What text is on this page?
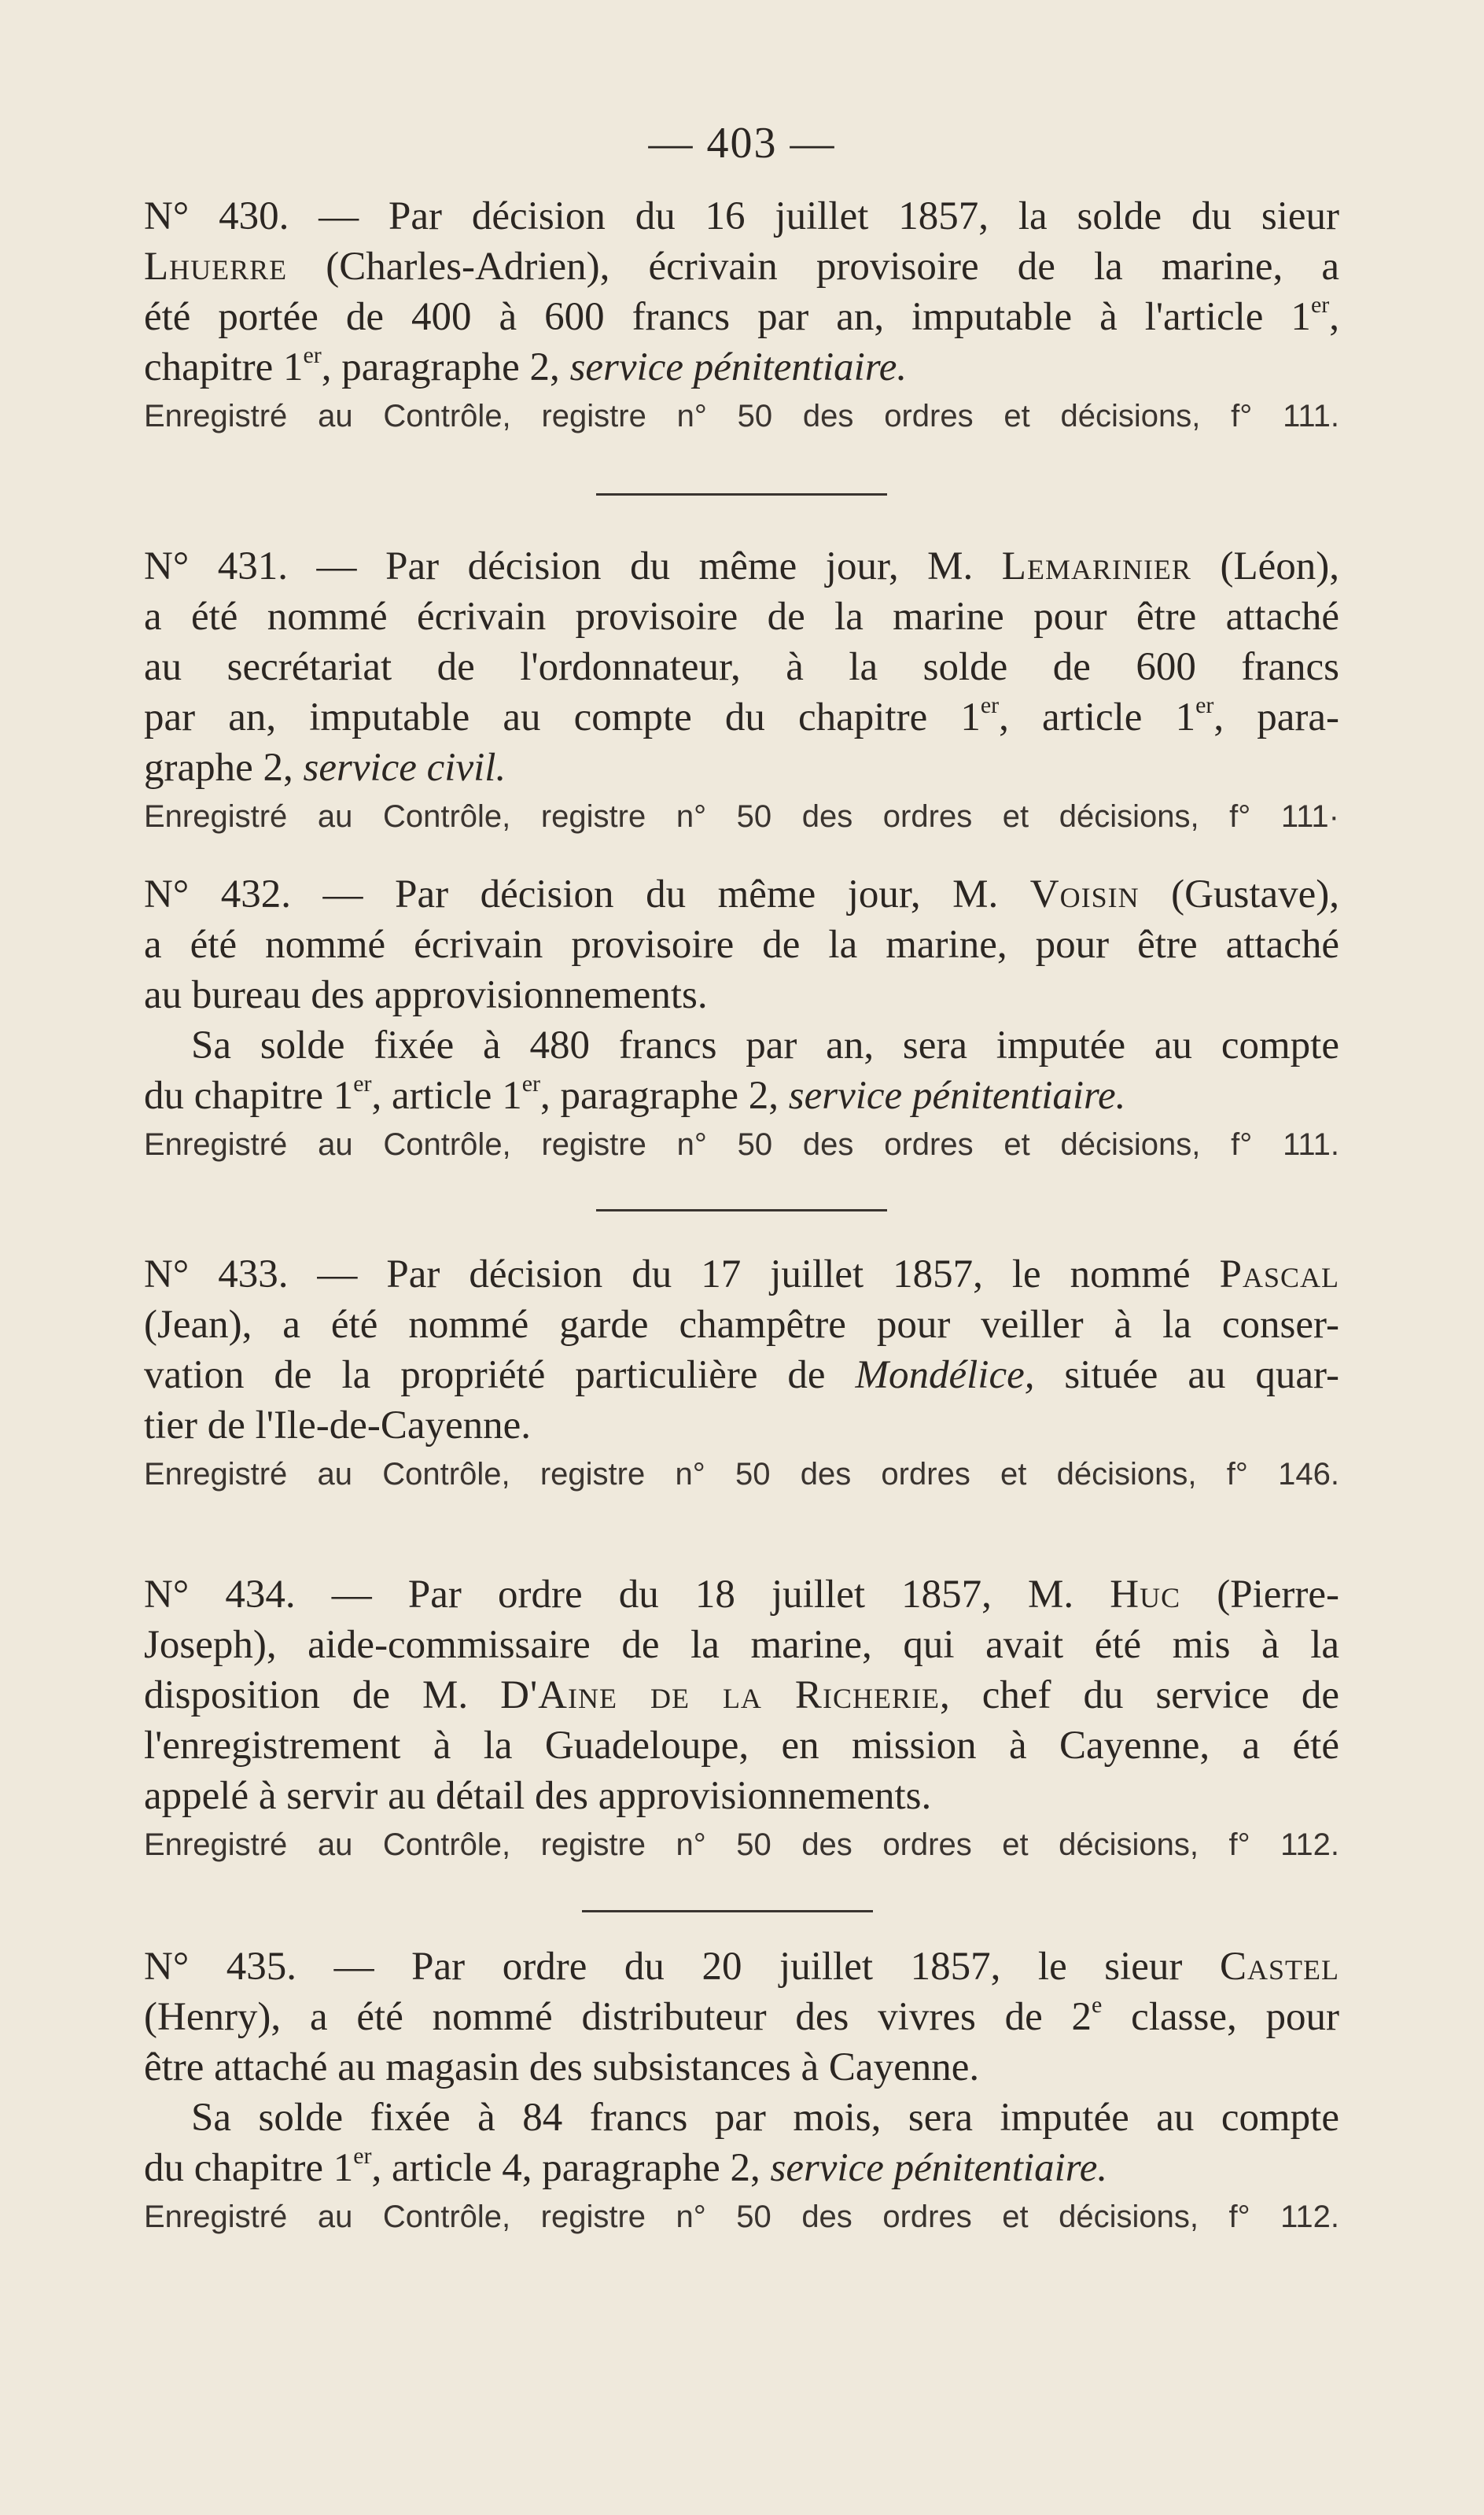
— 403 —
N° 430. — Par décision du 16 juillet 1857, la solde du sieur
Lhuerre (Charles-Adrien), écrivain provisoire de la marine, a
été portée de 400 à 600 francs par an, imputable à l'article 1er,
chapitre 1er, paragraphe 2, service pénitentiaire.
Enregistré au Contrôle, registre n° 50 des ordres et décisions, f° 111.
N° 431. — Par décision du même jour, M. Lemarinier (Léon),
a été nommé écrivain provisoire de la marine pour être attaché
au secrétariat de l'ordonnateur, à la solde de 600 francs
par an, imputable au compte du chapitre 1er, article 1er, para-
graphe 2, service civil.
Enregistré au Contrôle, registre n° 50 des ordres et décisions, f° 111·
N° 432. — Par décision du même jour, M. Voisin (Gustave),
a été nommé écrivain provisoire de la marine, pour être attaché
au bureau des approvisionnements.
Sa solde fixée à 480 francs par an, sera imputée au compte
du chapitre 1er, article 1er, paragraphe 2, service pénitentiaire.
Enregistré au Contrôle, registre n° 50 des ordres et décisions, f° 111.
N° 433. — Par décision du 17 juillet 1857, le nommé Pascal
(Jean), a été nommé garde champêtre pour veiller à la conser-
vation de la propriété particulière de Mondélice, située au quar-
tier de l'Ile-de-Cayenne.
Enregistré au Contrôle, registre n° 50 des ordres et décisions, f° 146.
N° 434. — Par ordre du 18 juillet 1857, M. Huc (Pierre-
Joseph), aide-commissaire de la marine, qui avait été mis à la
disposition de M. D'Aine de la Richerie, chef du service de
l'enregistrement à la Guadeloupe, en mission à Cayenne, a été
appelé à servir au détail des approvisionnements.
Enregistré au Contrôle, registre n° 50 des ordres et décisions, f° 112.
N° 435. — Par ordre du 20 juillet 1857, le sieur Castel
(Henry), a été nommé distributeur des vivres de 2e classe, pour
être attaché au magasin des subsistances à Cayenne.
Sa solde fixée à 84 francs par mois, sera imputée au compte
du chapitre 1er, article 4, paragraphe 2, service pénitentiaire.
Enregistré au Contrôle, registre n° 50 des ordres et décisions, f° 112.
